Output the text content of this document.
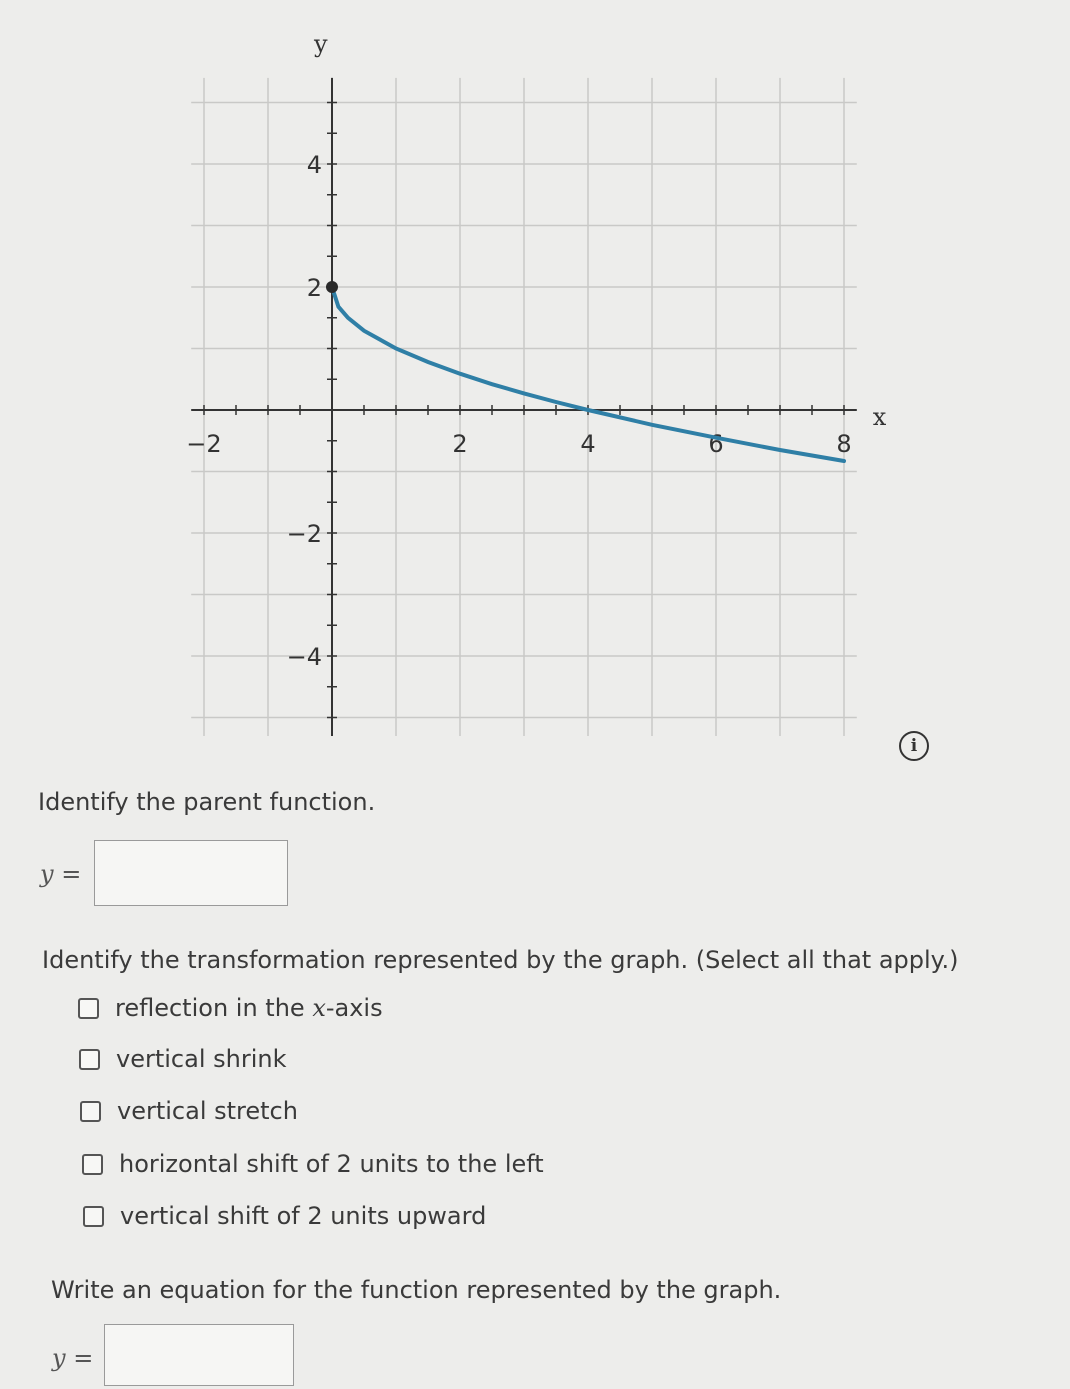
−2	2	4	6	8
4
2
−2
−4
x
y
i
Identify the parent function.
y =
Identify the transformation represented by the graph. (Select all that apply.)
reflection in the x-axis
vertical shrink
vertical stretch
horizontal shift of 2 units to the left
vertical shift of 2 units upward
Write an equation for the function represented by the graph.
y =
